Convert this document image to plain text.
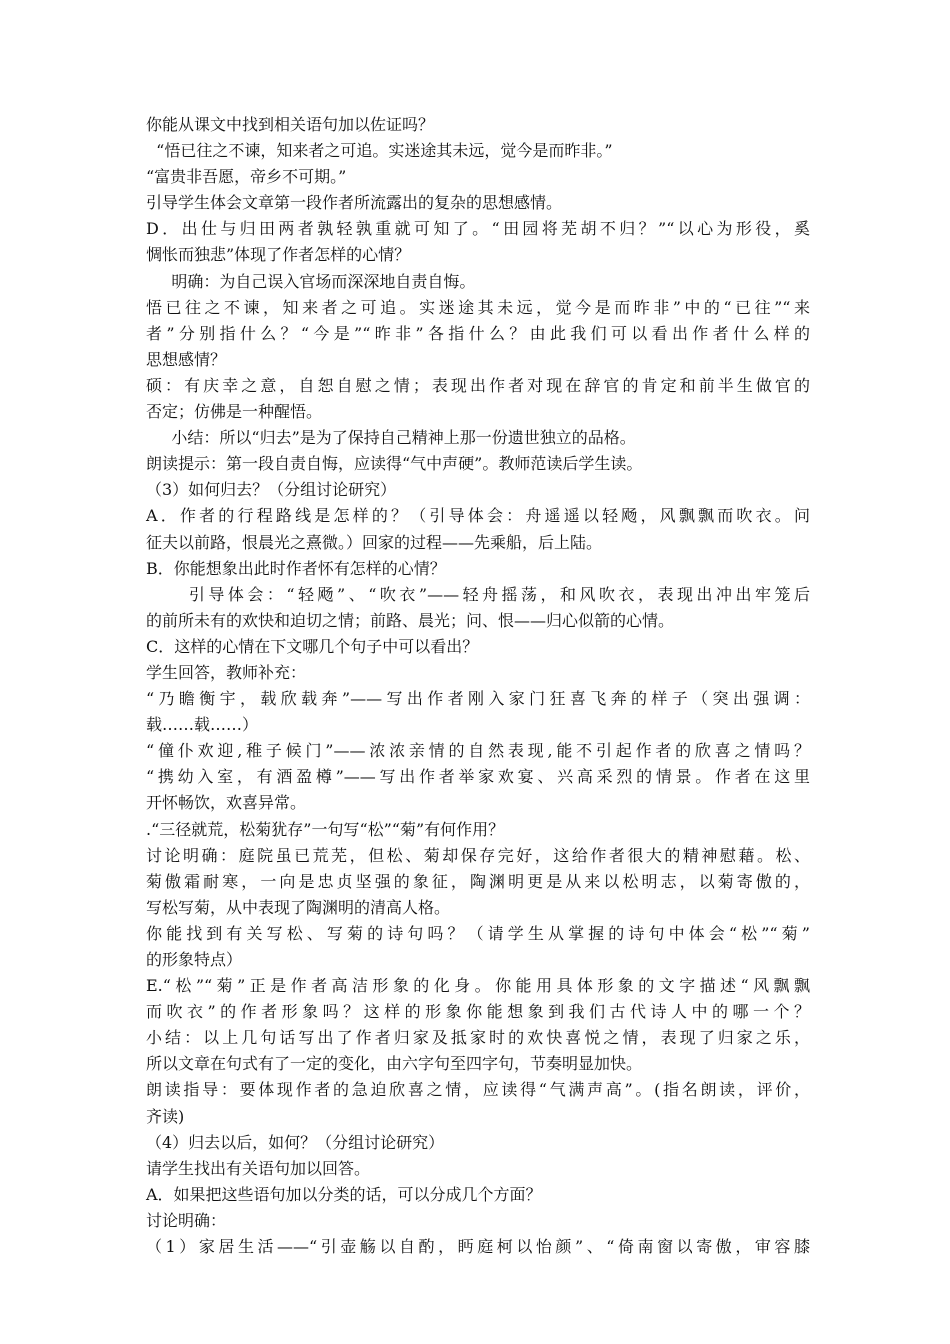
你能从课文中找到相关语句加以佐证吗？
“悟已往之不谏，知来者之可追。实迷途其未远，觉今是而昨非。”
“富贵非吾愿，帝乡不可期。”
引导学生体会文章第一段作者所流露出的复杂的思想感情。
D．出仕与归田两者孰轻孰重就可知了。“田园将芜胡不归？”“以心为形役，奚
惆怅而独悲”体现了作者怎样的心情？
明确：为自己误入官场而深深地自责自悔。
悟已往之不谏，知来者之可追。实迷途其未远，觉今是而昨非”中的“已往”“来
者”分别指什么？“今是”“昨非”各指什么？由此我们可以看出作者什么样的
思想感情？
硕：有庆幸之意，自恕自慰之情；表现出作者对现在辞官的肯定和前半生做官的
否定；仿佛是一种醒悟。
小结：所以“归去”是为了保持自己精神上那一份遗世独立的品格。
朗读提示：第一段自责自悔，应读得“气中声硬”。教师范读后学生读。
（3）如何归去？（分组讨论研究）
A．作者的行程路线是怎样的？（引导体会：舟遥遥以轻飏，风飘飘而吹衣。问
征夫以前路，恨晨光之熹微。）回家的过程——先乘船，后上陆。
B．你能想象出此时作者怀有怎样的心情？
引导体会：“轻飏”、“吹衣”——轻舟摇荡，和风吹衣，表现出冲出牢笼后
的前所未有的欢快和迫切之情；前路、晨光；问、恨——归心似箭的心情。
C．这样的心情在下文哪几个句子中可以看出？
学生回答，教师补充：
“乃瞻衡宇，载欣载奔”——写出作者刚入家门狂喜飞奔的样子（突出强调：
载……载……）
“僮仆欢迎,稚子候门”——浓浓亲情的自然表现,能不引起作者的欣喜之情吗？
“携幼入室，有酒盈樽”——写出作者举家欢宴、兴高采烈的情景。作者在这里
开怀畅饮，欢喜异常。
.“三径就荒，松菊犹存”一句写“松”“菊”有何作用？
讨论明确：庭院虽已荒芜，但松、菊却保存完好，这给作者很大的精神慰藉。松、
菊傲霜耐寒，一向是忠贞坚强的象征，陶渊明更是从来以松明志，以菊寄傲的，
写松写菊，从中表现了陶渊明的清高人格。
你能找到有关写松、写菊的诗句吗？（请学生从掌握的诗句中体会“松”“菊”
的形象特点）
E.“松”“菊”正是作者高洁形象的化身。你能用具体形象的文字描述“风飘飘
而吹衣”的作者形象吗？这样的形象你能想象到我们古代诗人中的哪一个？
小结：以上几句话写出了作者归家及抵家时的欢快喜悦之情，表现了归家之乐，
所以文章在句式有了一定的变化，由六字句至四字句，节奏明显加快。
朗读指导：要体现作者的急迫欣喜之情，应读得“气满声高”。(指名朗读，评价，
齐读)
（4）归去以后，如何？（分组讨论研究）
请学生找出有关语句加以回答。
A．如果把这些语句加以分类的话，可以分成几个方面？
讨论明确：
（1）家居生活——“引壶觞以自酌，眄庭柯以怡颜”、“倚南窗以寄傲，审容膝
